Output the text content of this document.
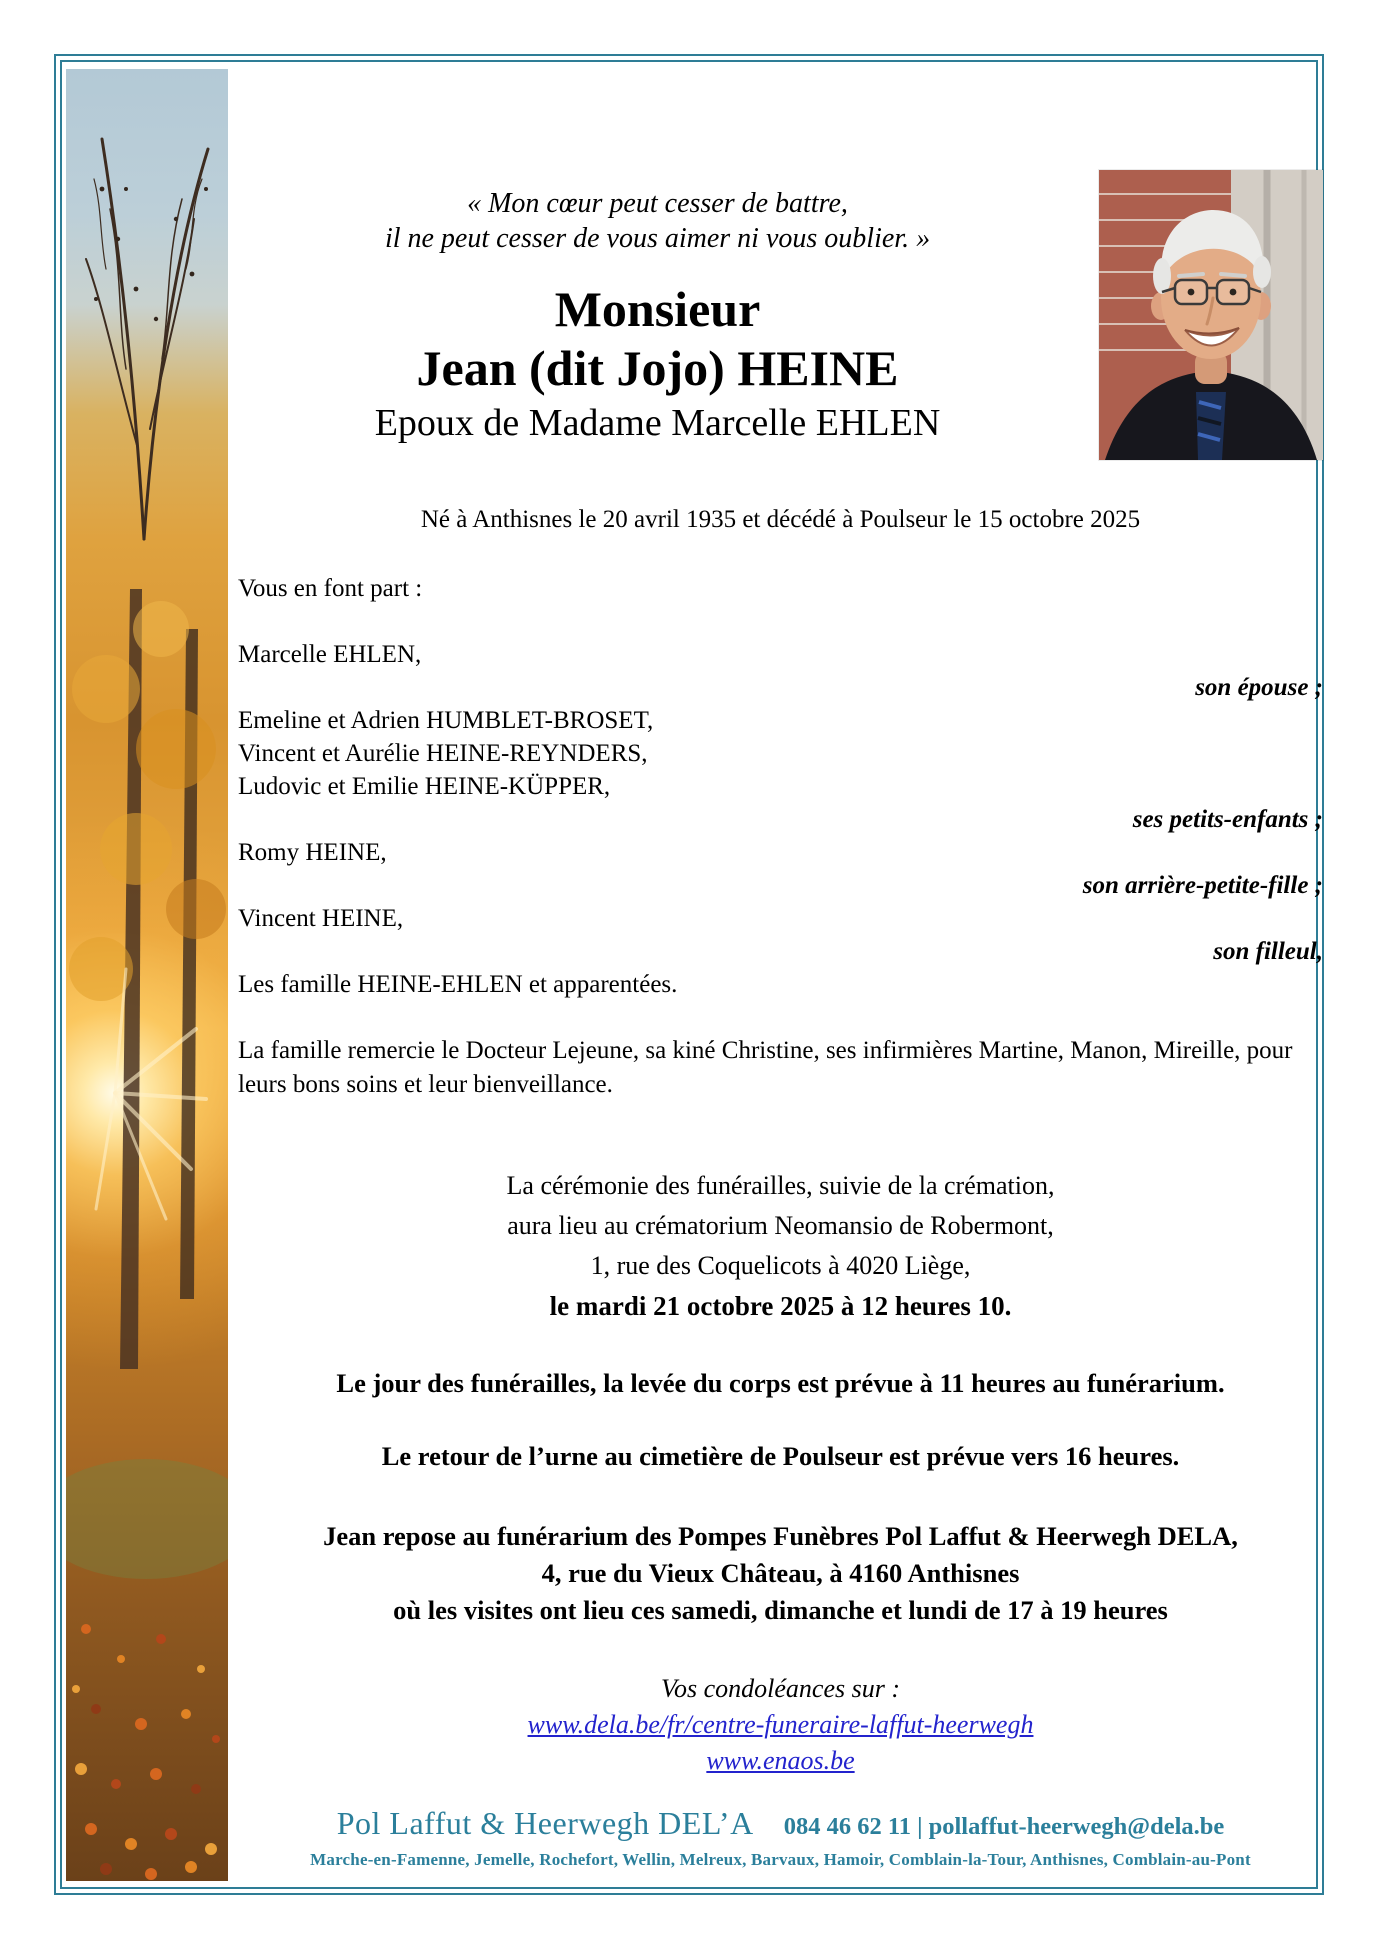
« Mon cœur peut cesser de battre,
il ne peut cesser de vous aimer ni vous oublier. »
Monsieur
Jean (dit Jojo) HEINE
Epoux de Madame Marcelle EHLEN
Né à Anthisnes le 20 avril 1935 et décédé à Poulseur le 15 octobre 2025
Vous en font part :
Marcelle EHLEN,
son épouse ;
Emeline et Adrien HUMBLET-BROSET,
Vincent et Aurélie HEINE-REYNDERS,
Ludovic et Emilie HEINE-KÜPPER,
ses petits-enfants ;
Romy HEINE,
son arrière-petite-fille ;
Vincent HEINE,
son filleul,
Les famille HEINE-EHLEN et apparentées.
La famille remercie le Docteur Lejeune, sa kiné Christine, ses infirmières Martine, Manon, Mireille, pour leurs bons soins et leur bienveillance.
La cérémonie des funérailles, suivie de la crémation,
aura lieu au crématorium Neomansio de Robermont,
1, rue des Coquelicots à 4020 Liège,
le mardi 21 octobre 2025 à 12 heures 10.
Le jour des funérailles, la levée du corps est prévue à 11 heures au funérarium.
Le retour de l’urne au cimetière de Poulseur est prévue vers 16 heures.
Jean repose au funérarium des Pompes Funèbres Pol Laffut & Heerwegh DELA,
4, rue du Vieux Château, à 4160 Anthisnes
où les visites ont lieu ces samedi, dimanche et lundi de 17 à 19 heures
Vos condoléances sur :
www.dela.be/fr/centre-funeraire-laffut-heerwegh
www.enaos.be
Pol Laffut & Heerwegh DEL’A 084 46 62 11 | pollaffut-heerwegh@dela.be
Marche-en-Famenne, Jemelle, Rochefort, Wellin, Melreux, Barvaux, Hamoir, Comblain-la-Tour, Anthisnes, Comblain-au-Pont
